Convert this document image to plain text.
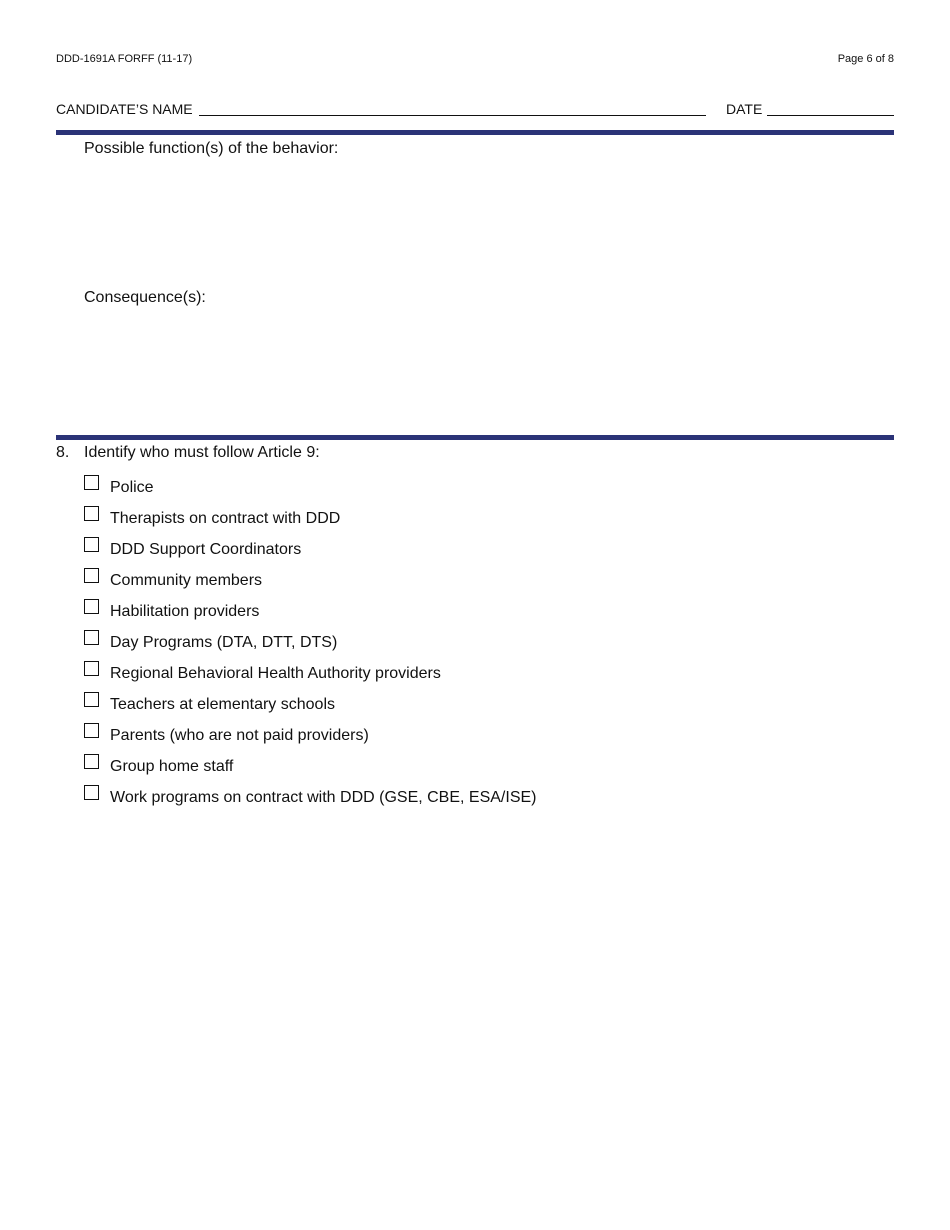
DDD-1691A FORFF (11-17)	Page 6 of 8
CANDIDATE’S NAME	DATE
Possible function(s) of the behavior:
Consequence(s):
8. Identify who must follow Article 9:
Police
Therapists on contract with DDD
DDD Support Coordinators
Community members
Habilitation providers
Day Programs (DTA, DTT, DTS)
Regional Behavioral Health Authority providers
Teachers at elementary schools
Parents (who are not paid providers)
Group home staff
Work programs on contract with DDD (GSE, CBE, ESA/ISE)
